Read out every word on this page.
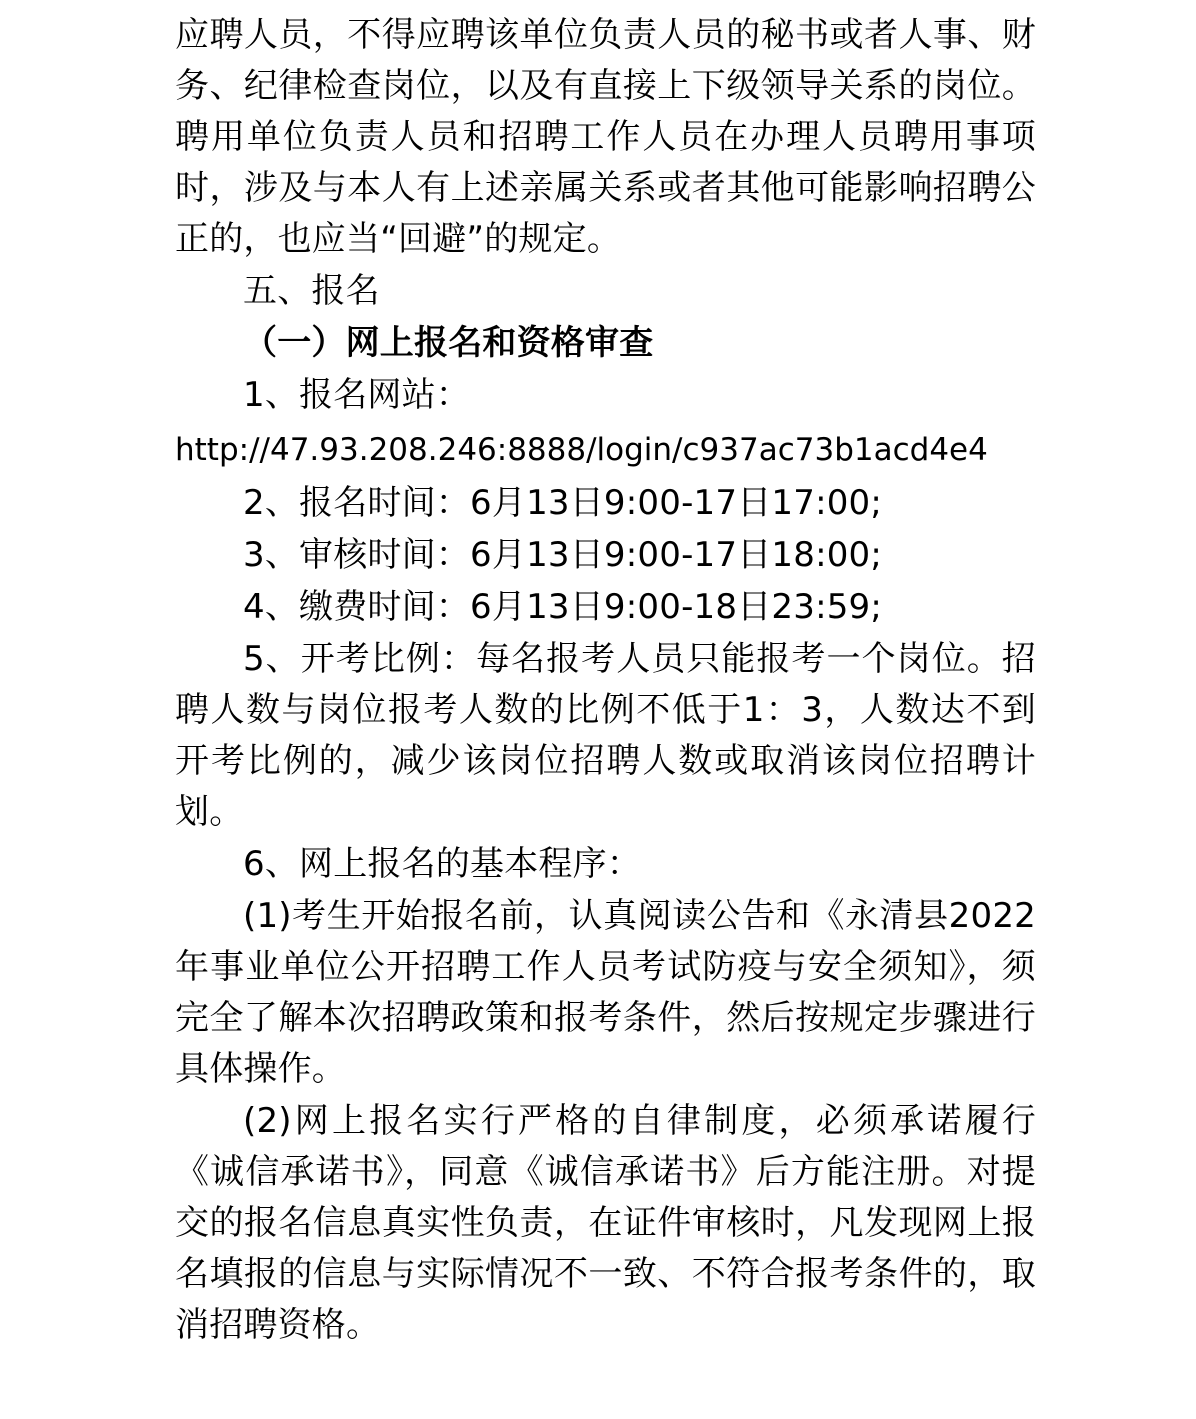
应聘人员，不得应聘该单位负责人员的秘书或者人事、财务、纪律检查岗位，以及有直接上下级领导关系的岗位。聘用单位负责人员和招聘工作人员在办理人员聘用事项时，涉及与本人有上述亲属关系或者其他可能影响招聘公正的，也应当“回避”的规定。

五、报名

（一）网上报名和资格审查

1、报名网站：

http://47.93.208.246:8888/login/c937ac73b1acd4e4

2、报名时间：6月13日9:00-17日17:00;

3、审核时间：6月13日9:00-17日18:00;

4、缴费时间：6月13日9:00-18日23:59;

5、开考比例：每名报考人员只能报考一个岗位。招聘人数与岗位报考人数的比例不低于1：3，人数达不到开考比例的，减少该岗位招聘人数或取消该岗位招聘计划。

6、网上报名的基本程序：

(1)考生开始报名前，认真阅读公告和《永清县2022年事业单位公开招聘工作人员考试防疫与安全须知》，须完全了解本次招聘政策和报考条件，然后按规定步骤进行具体操作。

(2)网上报名实行严格的自律制度，必须承诺履行《诚信承诺书》，同意《诚信承诺书》后方能注册。对提交的报名信息真实性负责，在证件审核时，凡发现网上报名填报的信息与实际情况不一致、不符合报考条件的，取消招聘资格。
